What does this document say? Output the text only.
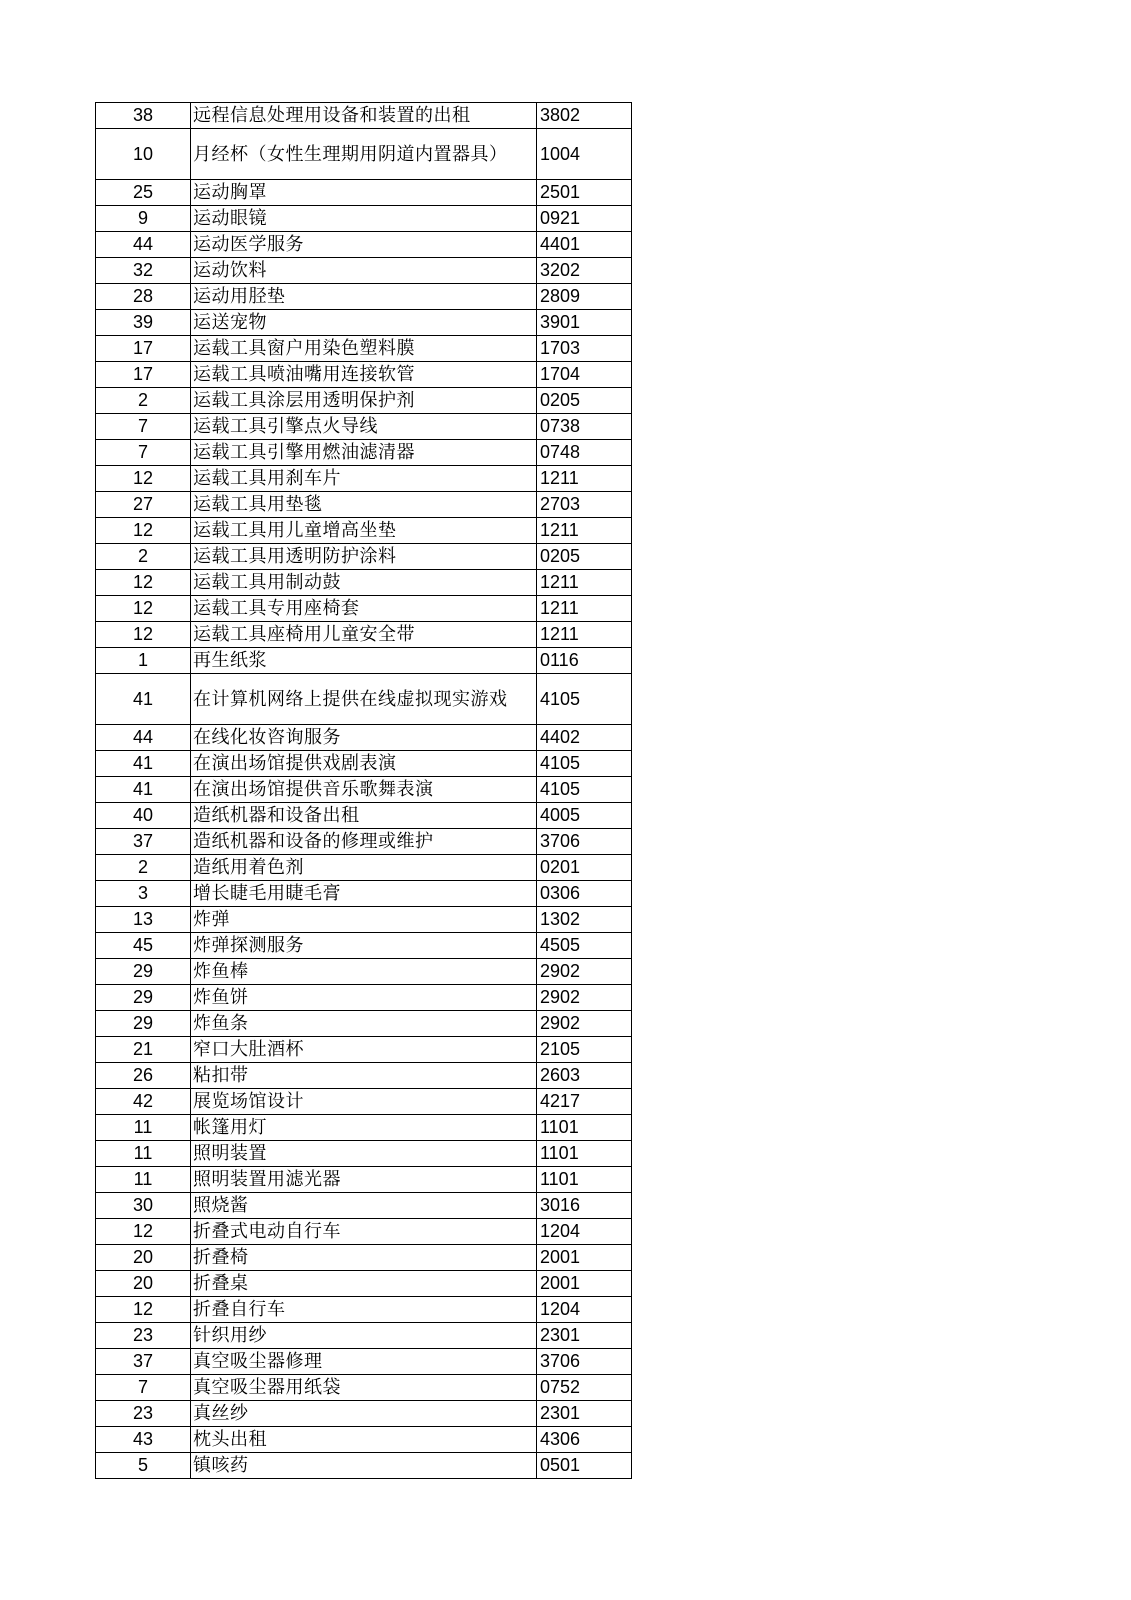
38	远程信息处理用设备和装置的出租	3802
10	月经杯（女性生理期用阴道内置器具）	1004
25	运动胸罩	2501
9	运动眼镜	0921
44	运动医学服务	4401
32	运动饮料	3202
28	运动用胫垫	2809
39	运送宠物	3901
17	运载工具窗户用染色塑料膜	1703
17	运载工具喷油嘴用连接软管	1704
2	运载工具涂层用透明保护剂	0205
7	运载工具引擎点火导线	0738
7	运载工具引擎用燃油滤清器	0748
12	运载工具用刹车片	1211
27	运载工具用垫毯	2703
12	运载工具用儿童增高坐垫	1211
2	运载工具用透明防护涂料	0205
12	运载工具用制动鼓	1211
12	运载工具专用座椅套	1211
12	运载工具座椅用儿童安全带	1211
1	再生纸浆	0116
41	在计算机网络上提供在线虚拟现实游戏	4105
44	在线化妆咨询服务	4402
41	在演出场馆提供戏剧表演	4105
41	在演出场馆提供音乐歌舞表演	4105
40	造纸机器和设备出租	4005
37	造纸机器和设备的修理或维护	3706
2	造纸用着色剂	0201
3	增长睫毛用睫毛膏	0306
13	炸弹	1302
45	炸弹探测服务	4505
29	炸鱼棒	2902
29	炸鱼饼	2902
29	炸鱼条	2902
21	窄口大肚酒杯	2105
26	粘扣带	2603
42	展览场馆设计	4217
11	帐篷用灯	1101
11	照明装置	1101
11	照明装置用滤光器	1101
30	照烧酱	3016
12	折叠式电动自行车	1204
20	折叠椅	2001
20	折叠桌	2001
12	折叠自行车	1204
23	针织用纱	2301
37	真空吸尘器修理	3706
7	真空吸尘器用纸袋	0752
23	真丝纱	2301
43	枕头出租	4306
5	镇咳药	0501
